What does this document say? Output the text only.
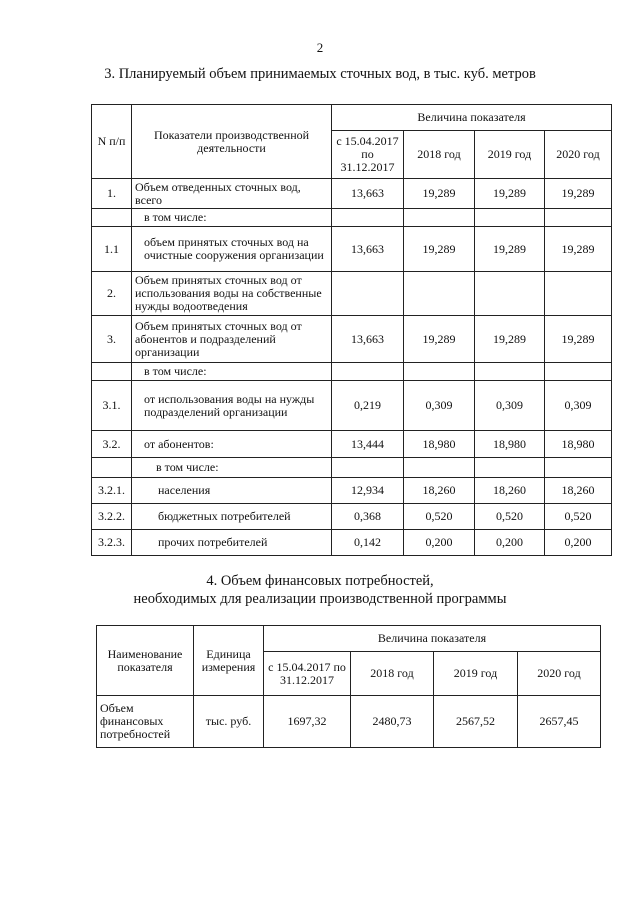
2
3. Планируемый объем принимаемых сточных вод, в тыс. куб. метров
N п/п	Показатели производственной деятельности	Величина показателя			
		с 15.04.2017 по 31.12.2017	2018 год	2019 год	2020 год
1.	Объем отведенных сточных вод, всего	13,663	19,289	19,289	19,289
	в том числе:				
1.1	объем принятых сточных вод на очистные сооружения организации	13,663	19,289	19,289	19,289
2.	Объем принятых сточных вод от использования воды на собственные нужды водоотведения				
3.	Объем принятых сточных вод от абонентов и подразделений организации	13,663	19,289	19,289	19,289
	в том числе:				
3.1.	от использования воды на нужды подразделений организации	0,219	0,309	0,309	0,309
3.2.	от абонентов:	13,444	18,980	18,980	18,980
	в том числе:				
3.2.1.	населения	12,934	18,260	18,260	18,260
3.2.2.	бюджетных потребителей	0,368	0,520	0,520	0,520
3.2.3.	прочих потребителей	0,142	0,200	0,200	0,200
4. Объем финансовых потребностей,
необходимых для реализации производственной программы
Наименование показателя	Единица измерения	Величина показателя			
		с 15.04.2017 по 31.12.2017	2018 год	2019 год	2020 год
Объем финансовых потребностей	тыс. руб.	1697,32	2480,73	2567,52	2657,45
